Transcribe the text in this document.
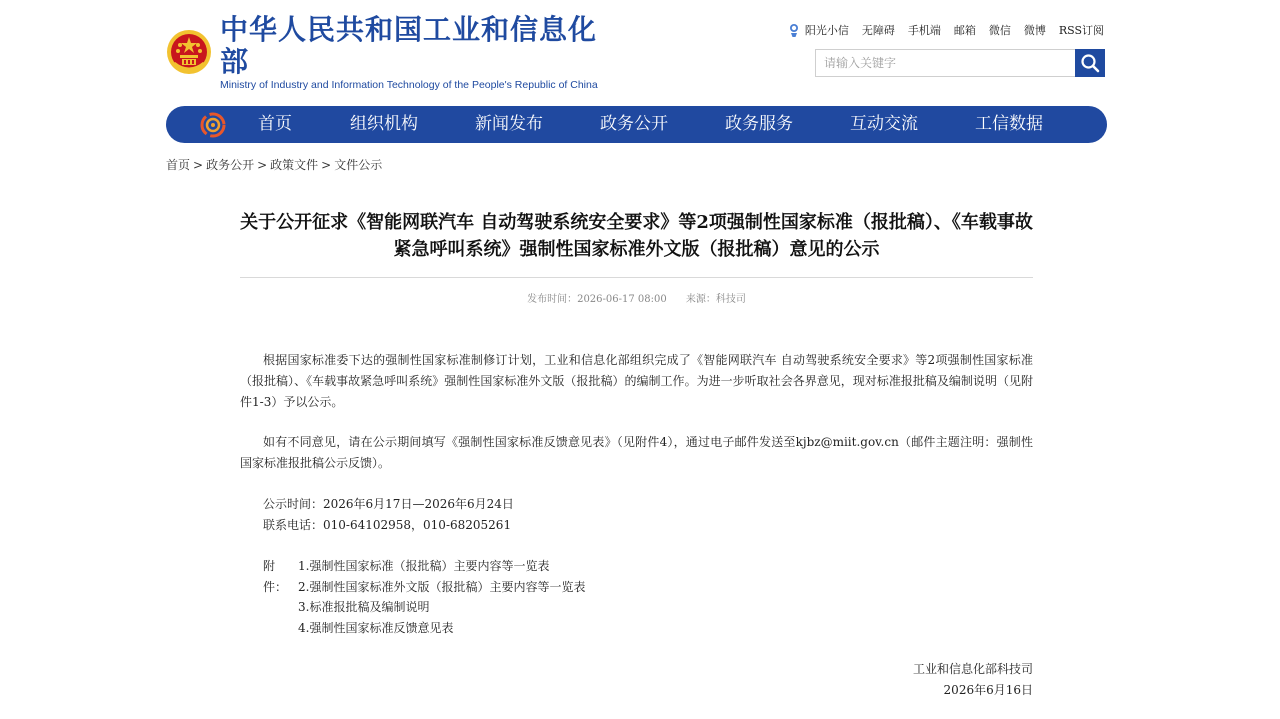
中华人民共和国工业和信息化部
Ministry of Industry and Information Technology of the People's Republic of China
阳光小信 无障碍 手机端 邮箱 微信 微博 RSS订阅
请输入关键字
首页	组织机构	新闻发布	政务公开	政务服务	互动交流	工信数据
首页 > 政务公开 > 政策文件 > 文件公示
关于公开征求《智能网联汽车 自动驾驶系统安全要求》等2项强制性国家标准（报批稿）、《车载事故紧急呼叫系统》强制性国家标准外文版（报批稿）意见的公示
发布时间：2026-06-17 08:00 来源：科技司
根据国家标准委下达的强制性国家标准制修订计划，工业和信息化部组织完成了《智能网联汽车 自动驾驶系统安全要求》等2项强制性国家标准（报批稿）、《车载事故紧急呼叫系统》强制性国家标准外文版（报批稿）的编制工作。为进一步听取社会各界意见，现对标准报批稿及编制说明（见附件1-3）予以公示。
如有不同意见，请在公示期间填写《强制性国家标准反馈意见表》（见附件4），通过电子邮件发送至kjbz@miit.gov.cn（邮件主题注明：强制性国家标准报批稿公示反馈）。
公示时间：2026年6月17日—2026年6月24日
联系电话：010-64102958，010-68205261
附件：
1.强制性国家标准（报批稿）主要内容等一览表
2.强制性国家标准外文版（报批稿）主要内容等一览表
3.标准报批稿及编制说明
4.强制性国家标准反馈意见表
工业和信息化部科技司
2026年6月16日
